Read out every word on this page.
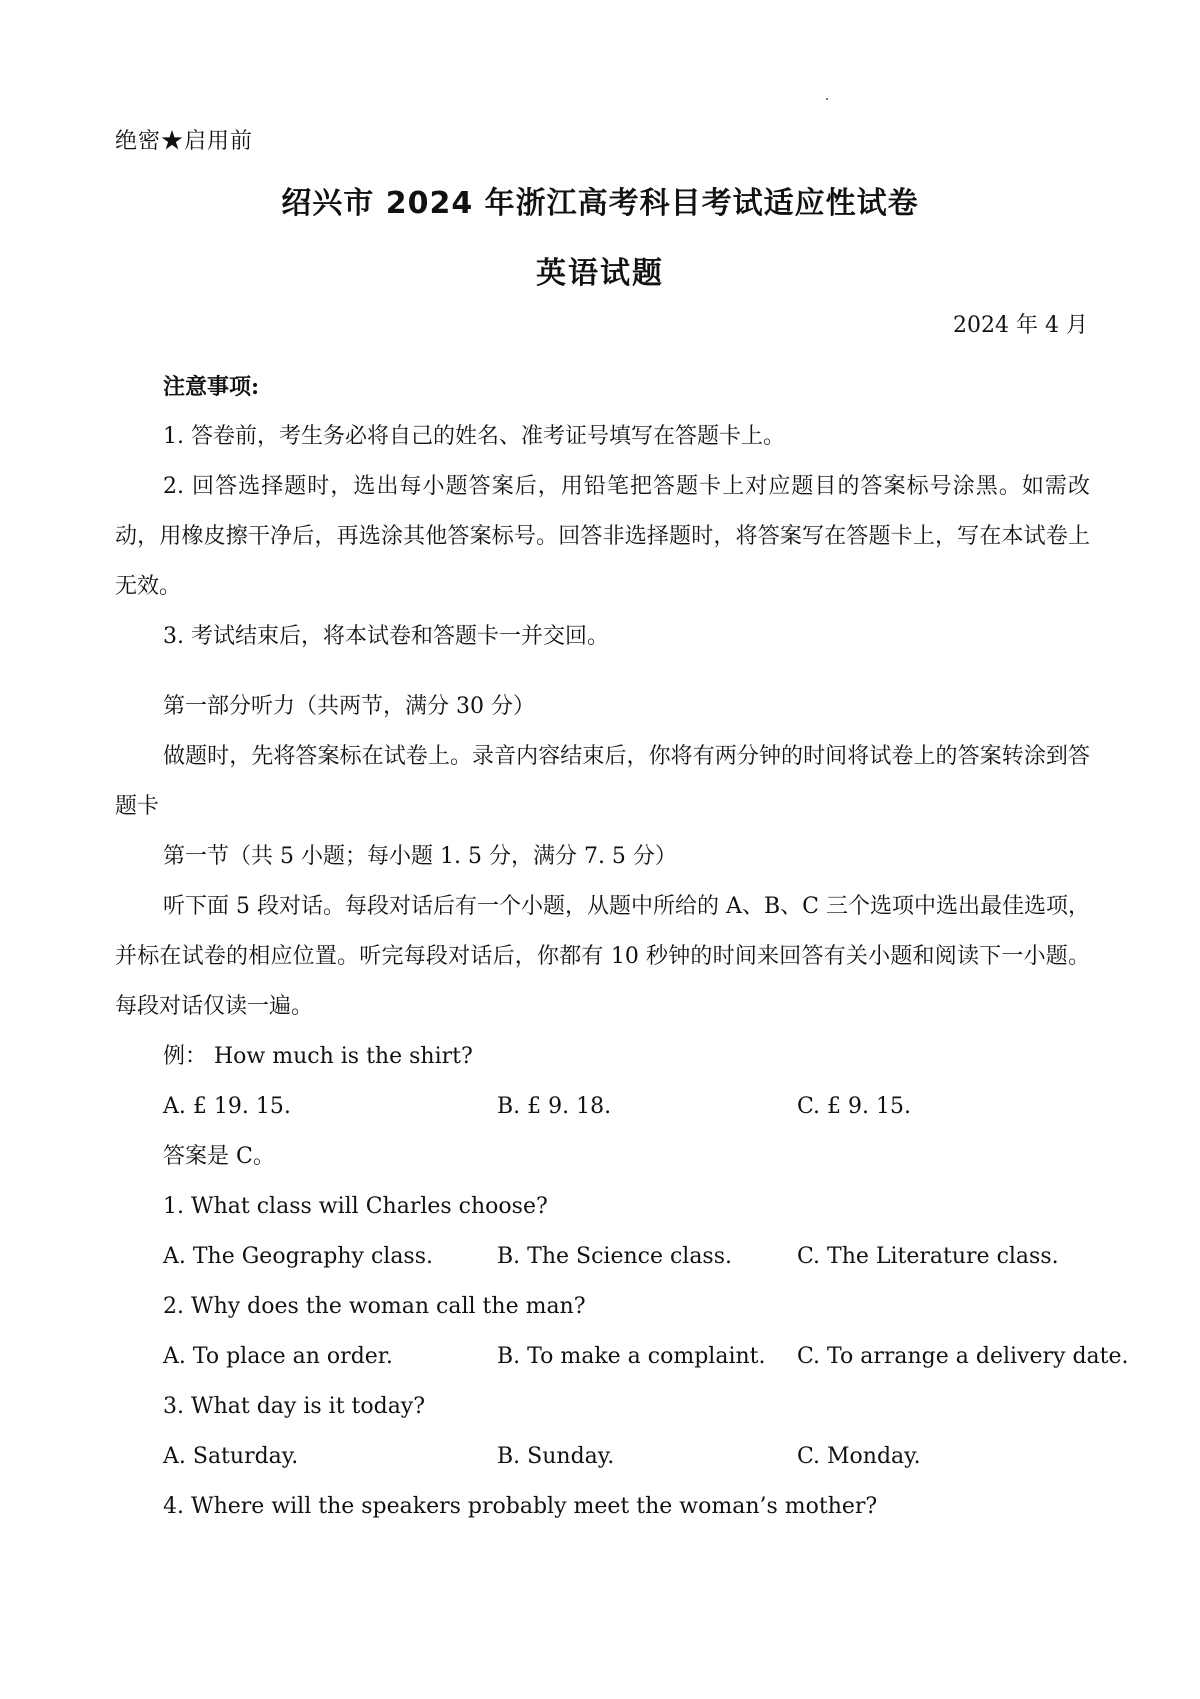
绝密★启用前
绍兴市 2024 年浙江高考科目考试适应性试卷
英语试题
2024 年 4 月
注意事项:
1. 答卷前，考生务必将自己的姓名、准考证号填写在答题卡上。

2. 回答选择题时，选出每小题答案后，用铅笔把答题卡上对应题目的答案标号涂黑。如需改动，用橡皮擦干净后，再选涂其他答案标号。回答非选择题时，将答案写在答题卡上，写在本试卷上无效。

3. 考试结束后，将本试卷和答题卡一并交回。
第一部分听力（共两节，满分 30 分）

做题时，先将答案标在试卷上。录音内容结束后，你将有两分钟的时间将试卷上的答案转涂到答题卡

第一节（共 5 小题；每小题 1. 5 分，满分 7. 5 分）

听下面 5 段对话。每段对话后有一个小题，从题中所给的 A、B、C 三个选项中选出最佳选项，并标在试卷的相应位置。听完每段对话后，你都有 10 秒钟的时间来回答有关小题和阅读下一小题。每段对话仅读一遍。

例： How much is the shirt?
A. £ 19. 15.	B. £ 9. 18.	C. £ 9. 15.
答案是 C。
1. What class will Charles choose?
A. The Geography class.	B. The Science class.	C. The Literature class.
2. Why does the woman call the man?
A. To place an order.	B. To make a complaint. C. To arrange a delivery date.
3. What day is it today?
A. Saturday.	B. Sunday.	C. Monday.
4. Where will the speakers probably meet the woman’s mother?
